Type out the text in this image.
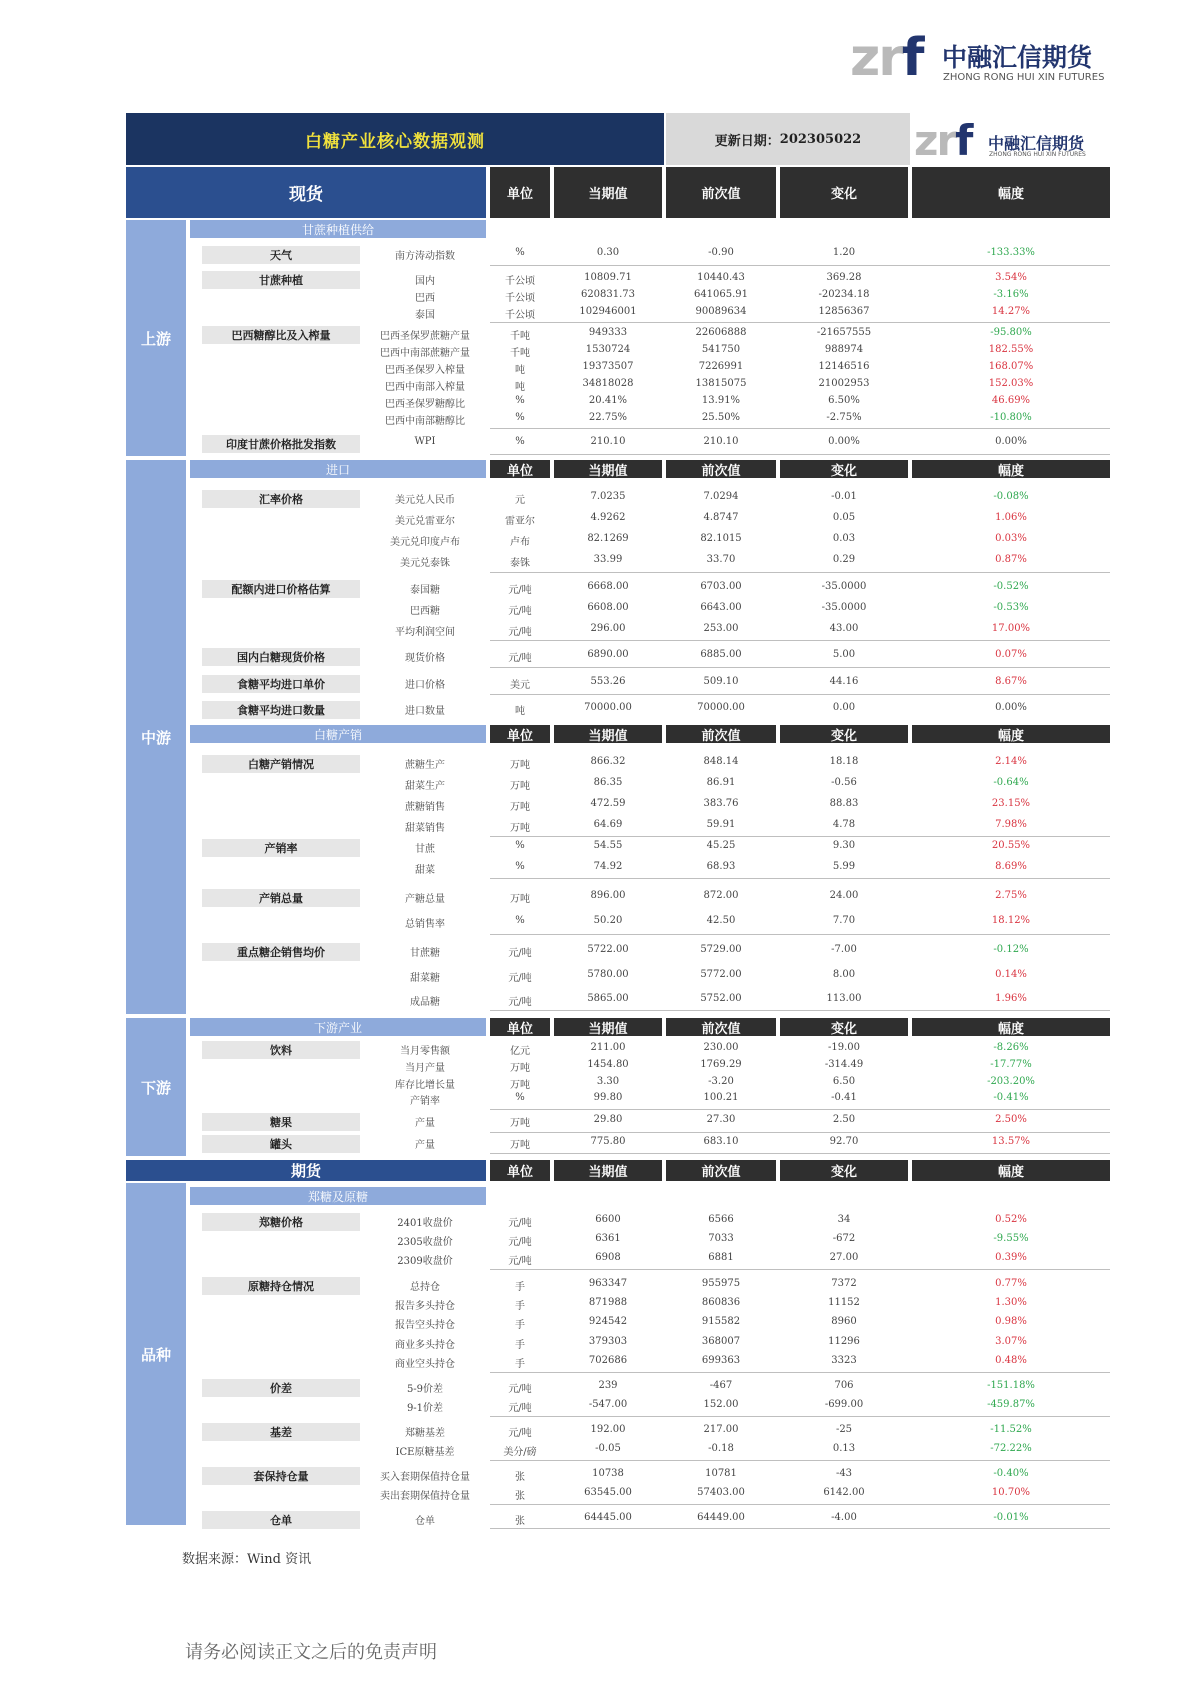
zrf 中融汇信期货
ZHONG RONG HUI XIN FUTURES
白糖产业核心数据观测	更新日期： 202305022 zrf 中融汇信期货
ZHONG RONG HUI XIN FUTURES
现货	单位	当期值	前次值	变化	幅度
上游
中游
下游
品种
甘蔗种植供给
进口	单位	当期值	前次值	变化	幅度
白糖产销	单位	当期值	前次值	变化	幅度
下游产业	单位	当期值	前次值	变化	幅度
期货	单位	当期值	前次值	变化	幅度
郑糖及原糖
天气	南方涛动指数	%	0.30	-0.90	1.20	-133.33%
甘蔗种植	国内	千公顷	10809.71	10440.43	369.28	3.54%
巴西	千公顷	620831.73	641065.91	-20234.18	-3.16%
泰国	千公顷	102946001	90089634	12856367	14.27%
巴西糖醇比及入榨量	巴西圣保罗蔗糖产量	千吨	949333	22606888	-21657555	-95.80%
巴西中南部蔗糖产量	千吨	1530724	541750	988974	182.55%
巴西圣保罗入榨量	吨	19373507	7226991	12146516	168.07%
巴西中南部入榨量	吨	34818028	13815075	21002953	152.03%
巴西圣保罗糖醇比	%	20.41%	13.91%	6.50%	46.69%
巴西中南部糖醇比	%	22.75%	25.50%	-2.75%	-10.80%
印度甘蔗价格批发指数	WPI	%	210.10	210.10	0.00%	0.00%
汇率价格	美元兑人民币	元	7.0235	7.0294	-0.01	-0.08%
美元兑雷亚尔	雷亚尔	4.9262	4.8747	0.05	1.06%
美元兑印度卢布	卢布	82.1269	82.1015	0.03	0.03%
美元兑泰铢	泰铢	33.99	33.70	0.29	0.87%
配额内进口价格估算	泰国糖	元/吨	6668.00	6703.00	-35.0000	-0.52%
巴西糖	元/吨	6608.00	6643.00	-35.0000	-0.53%
平均利润空间	元/吨	296.00	253.00	43.00	17.00%
国内白糖现货价格	现货价格	元/吨	6890.00	6885.00	5.00	0.07%
食糖平均进口单价	进口价格	美元	553.26	509.10	44.16	8.67%
食糖平均进口数量	进口数量	吨	70000.00	70000.00	0.00	0.00%
白糖产销情况	蔗糖生产	万吨	866.32	848.14	18.18	2.14%
甜菜生产	万吨	86.35	86.91	-0.56	-0.64%
蔗糖销售	万吨	472.59	383.76	88.83	23.15%
甜菜销售	万吨	64.69	59.91	4.78	7.98%
产销率	甘蔗	%	54.55	45.25	9.30	20.55%
甜菜	%	74.92	68.93	5.99	8.69%
产销总量	产糖总量	万吨	896.00	872.00	24.00	2.75%
总销售率	%	50.20	42.50	7.70	18.12%
重点糖企销售均价	甘蔗糖	元/吨	5722.00	5729.00	-7.00	-0.12%
甜菜糖	元/吨	5780.00	5772.00	8.00	0.14%
成品糖	元/吨	5865.00	5752.00	113.00	1.96%
饮料	当月零售额	亿元	211.00	230.00	-19.00	-8.26%
当月产量	万吨	1454.80	1769.29	-314.49	-17.77%
库存比增长量	万吨	3.30	-3.20	6.50	-203.20%
产销率	%	99.80	100.21	-0.41	-0.41%
糖果	产量	万吨	29.80	27.30	2.50	2.50%
罐头	产量	万吨	775.80	683.10	92.70	13.57%
郑糖价格	2401收盘价	元/吨	6600	6566	34	0.52%
2305收盘价	元/吨	6361	7033	-672	-9.55%
2309收盘价	元/吨	6908	6881	27.00	0.39%
原糖持仓情况	总持仓	手	963347	955975	7372	0.77%
报告多头持仓	手	871988	860836	11152	1.30%
报告空头持仓	手	924542	915582	8960	0.98%
商业多头持仓	手	379303	368007	11296	3.07%
商业空头持仓	手	702686	699363	3323	0.48%
价差	5-9价差	元/吨	239	-467	706	-151.18%
9-1价差	元/吨	-547.00	152.00	-699.00	-459.87%
基差	郑糖基差	元/吨	192.00	217.00	-25	-11.52%
ICE原糖基差	美分/磅	-0.05	-0.18	0.13	-72.22%
套保持仓量	买入套期保值持仓量	张	10738	10781	-43	-0.40%
卖出套期保值持仓量	张	63545.00	57403.00	6142.00	10.70%
仓单	仓单	张	64445.00	64449.00	-4.00	-0.01%
数据来源：Wind 资讯
请务必阅读正文之后的免责声明
